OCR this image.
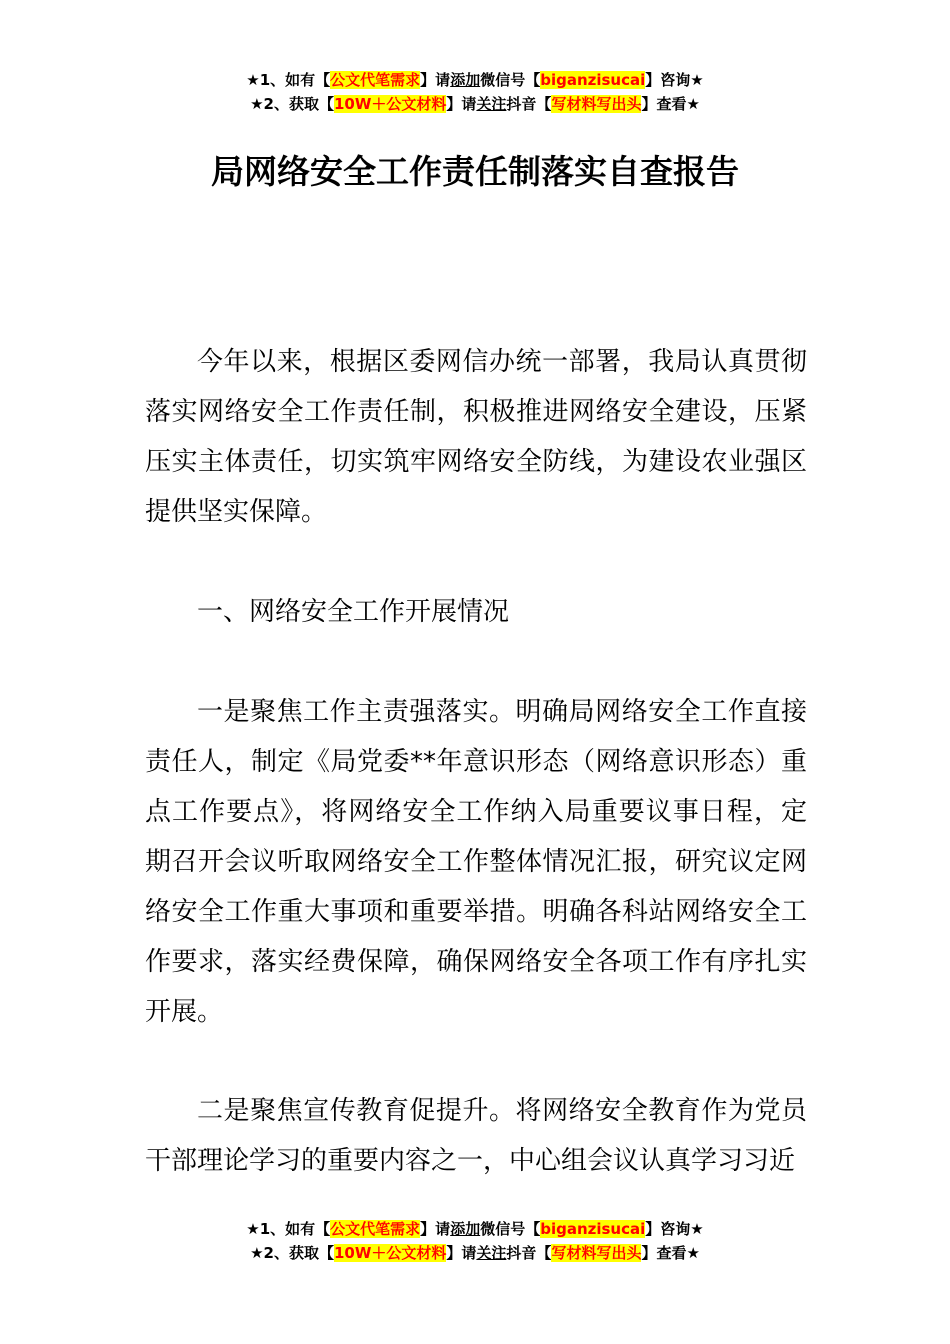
★1、如有【公文代笔需求】请添加微信号【biganzisucai】咨询★
★2、获取【10W＋公文材料】请关注抖音【写材料写出头】查看★
局网络安全工作责任制落实自查报告

今年以来，根据区委网信办统一部署，我局认真贯彻落实网络安全工作责任制，积极推进网络安全建设，压紧压实主体责任，切实筑牢网络安全防线，为建设农业强区提供坚实保障。

一、网络安全工作开展情况

一是聚焦工作主责强落实。明确局网络安全工作直接责任人，制定《局党委**年意识形态（网络意识形态）重点工作要点》，将网络安全工作纳入局重要议事日程，定期召开会议听取网络安全工作整体情况汇报，研究议定网络安全工作重大事项和重要举措。明确各科站网络安全工作要求，落实经费保障，确保网络安全各项工作有序扎实开展。

二是聚焦宣传教育促提升。将网络安全教育作为党员干部理论学习的重要内容之一，中心组会议认真学习习近

★1、如有【公文代笔需求】请添加微信号【biganzisucai】咨询★
★2、获取【10W＋公文材料】请关注抖音【写材料写出头】查看★
